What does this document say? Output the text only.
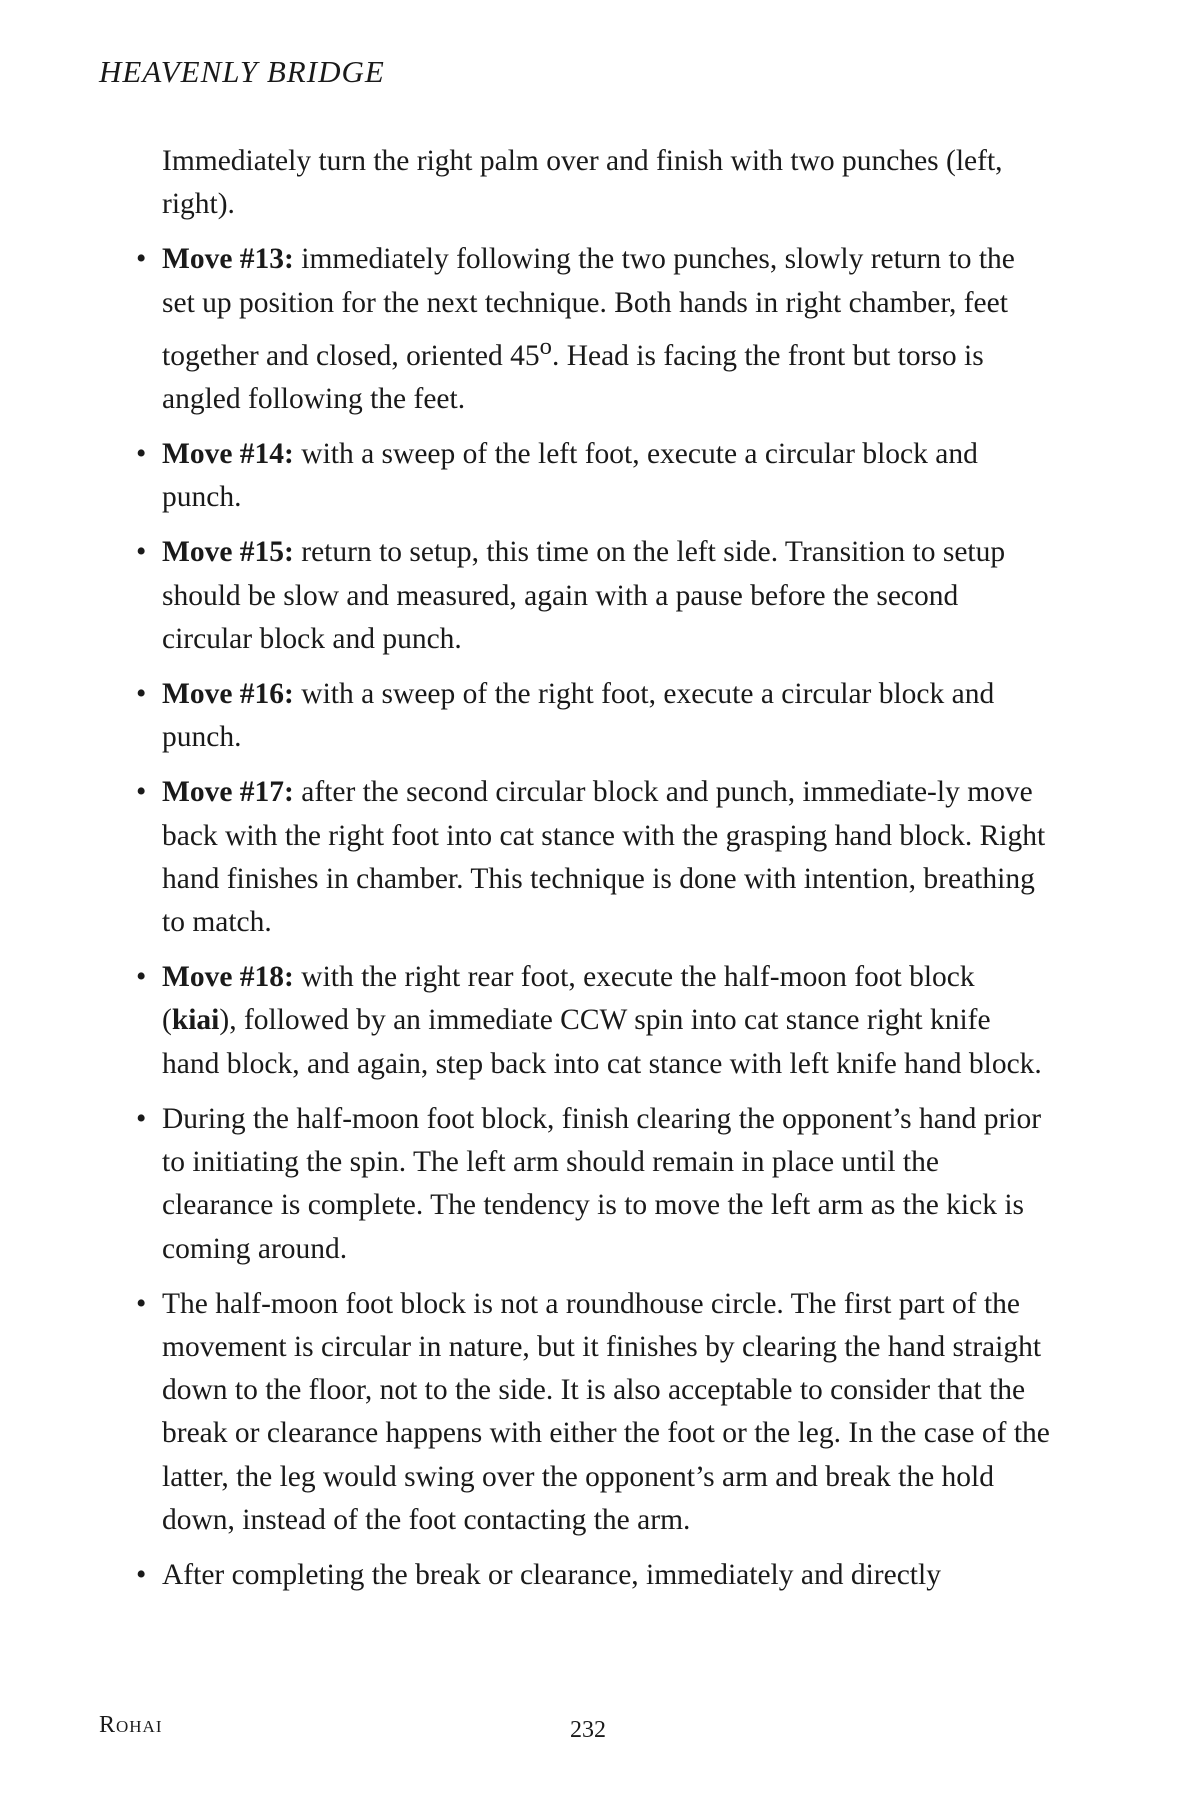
HEAVENLY BRIDGE

Immediately turn the right palm over and finish with two punches (left, right).

• Move #13: immediately following the two punches, slowly return to the set up position for the next technique. Both hands in right chamber, feet together and closed, oriented 45$^o$. Head is facing the front but torso is angled following the feet.
• Move #14: with a sweep of the left foot, execute a circular block and punch.
• Move #15: return to setup, this time on the left side. Transition to setup should be slow and measured, again with a pause before the second circular block and punch.
• Move #16: with a sweep of the right foot, execute a circular block and punch.
• Move #17: after the second circular block and punch, immediate-ly move back with the right foot into cat stance with the grasping hand block. Right hand finishes in chamber. This technique is done with intention, breathing to match.
• Move #18: with the right rear foot, execute the half-moon foot block (kiai), followed by an immediate CCW spin into cat stance right knife hand block, and again, step back into cat stance with left knife hand block.
• During the half-moon foot block, finish clearing the opponent’s hand prior to initiating the spin. The left arm should remain in place until the clearance is complete. The tendency is to move the left arm as the kick is coming around.
• The half-moon foot block is not a roundhouse circle. The first part of the movement is circular in nature, but it finishes by clearing the hand straight down to the floor, not to the side. It is also acceptable to consider that the break or clearance happens with either the foot or the leg. In the case of the latter, the leg would swing over the opponent’s arm and break the hold down, instead of the foot contacting the arm.
• After completing the break or clearance, immediately and directly
Rohai	232
